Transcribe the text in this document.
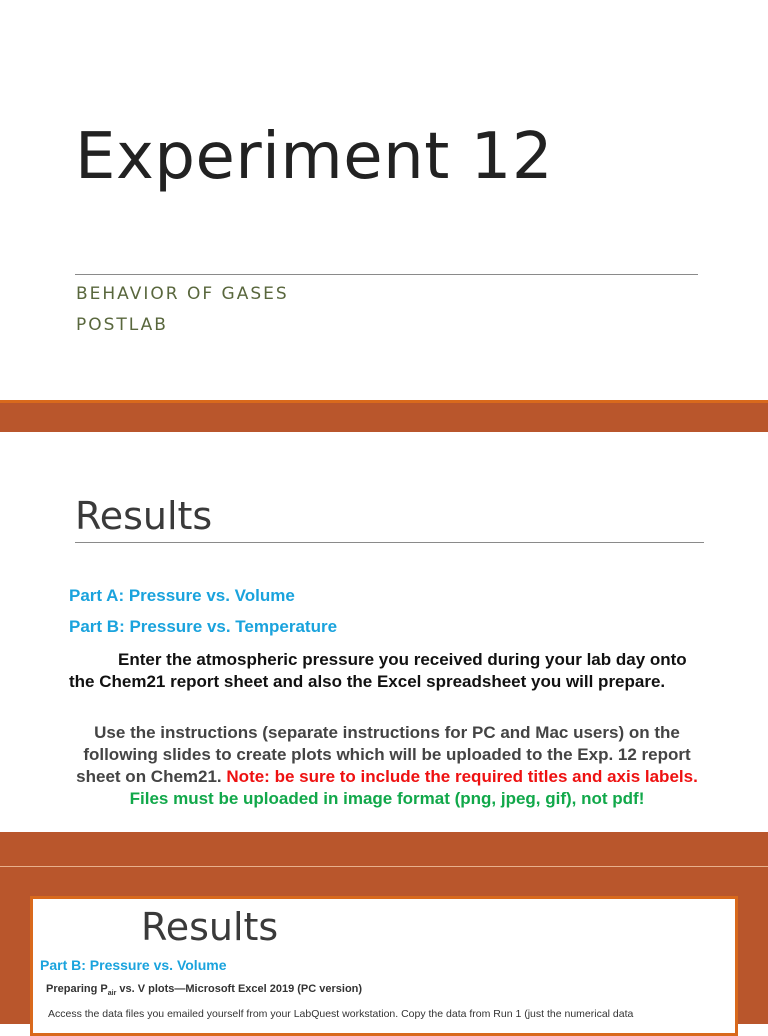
Experiment 12
BEHAVIOR OF GASES
POSTLAB
Results
Part A: Pressure vs. Volume
Part B: Pressure vs. Temperature
Enter the atmospheric pressure you received during your lab day onto the Chem21 report sheet and also the Excel spreadsheet you will prepare.
Use the instructions (separate instructions for PC and Mac users) on the following slides to create plots which will be uploaded to the Exp. 12 report sheet on Chem21. Note: be sure to include the required titles and axis labels. Files must be uploaded in image format (png, jpeg, gif), not pdf!
Results
Part B: Pressure vs. Volume
Preparing $P_{air}$ vs. V plots—Microsoft Excel 2019 (PC version)
Access the data files you emailed yourself from your LabQuest workstation. Copy the data from Run 1 (just the numerical data
